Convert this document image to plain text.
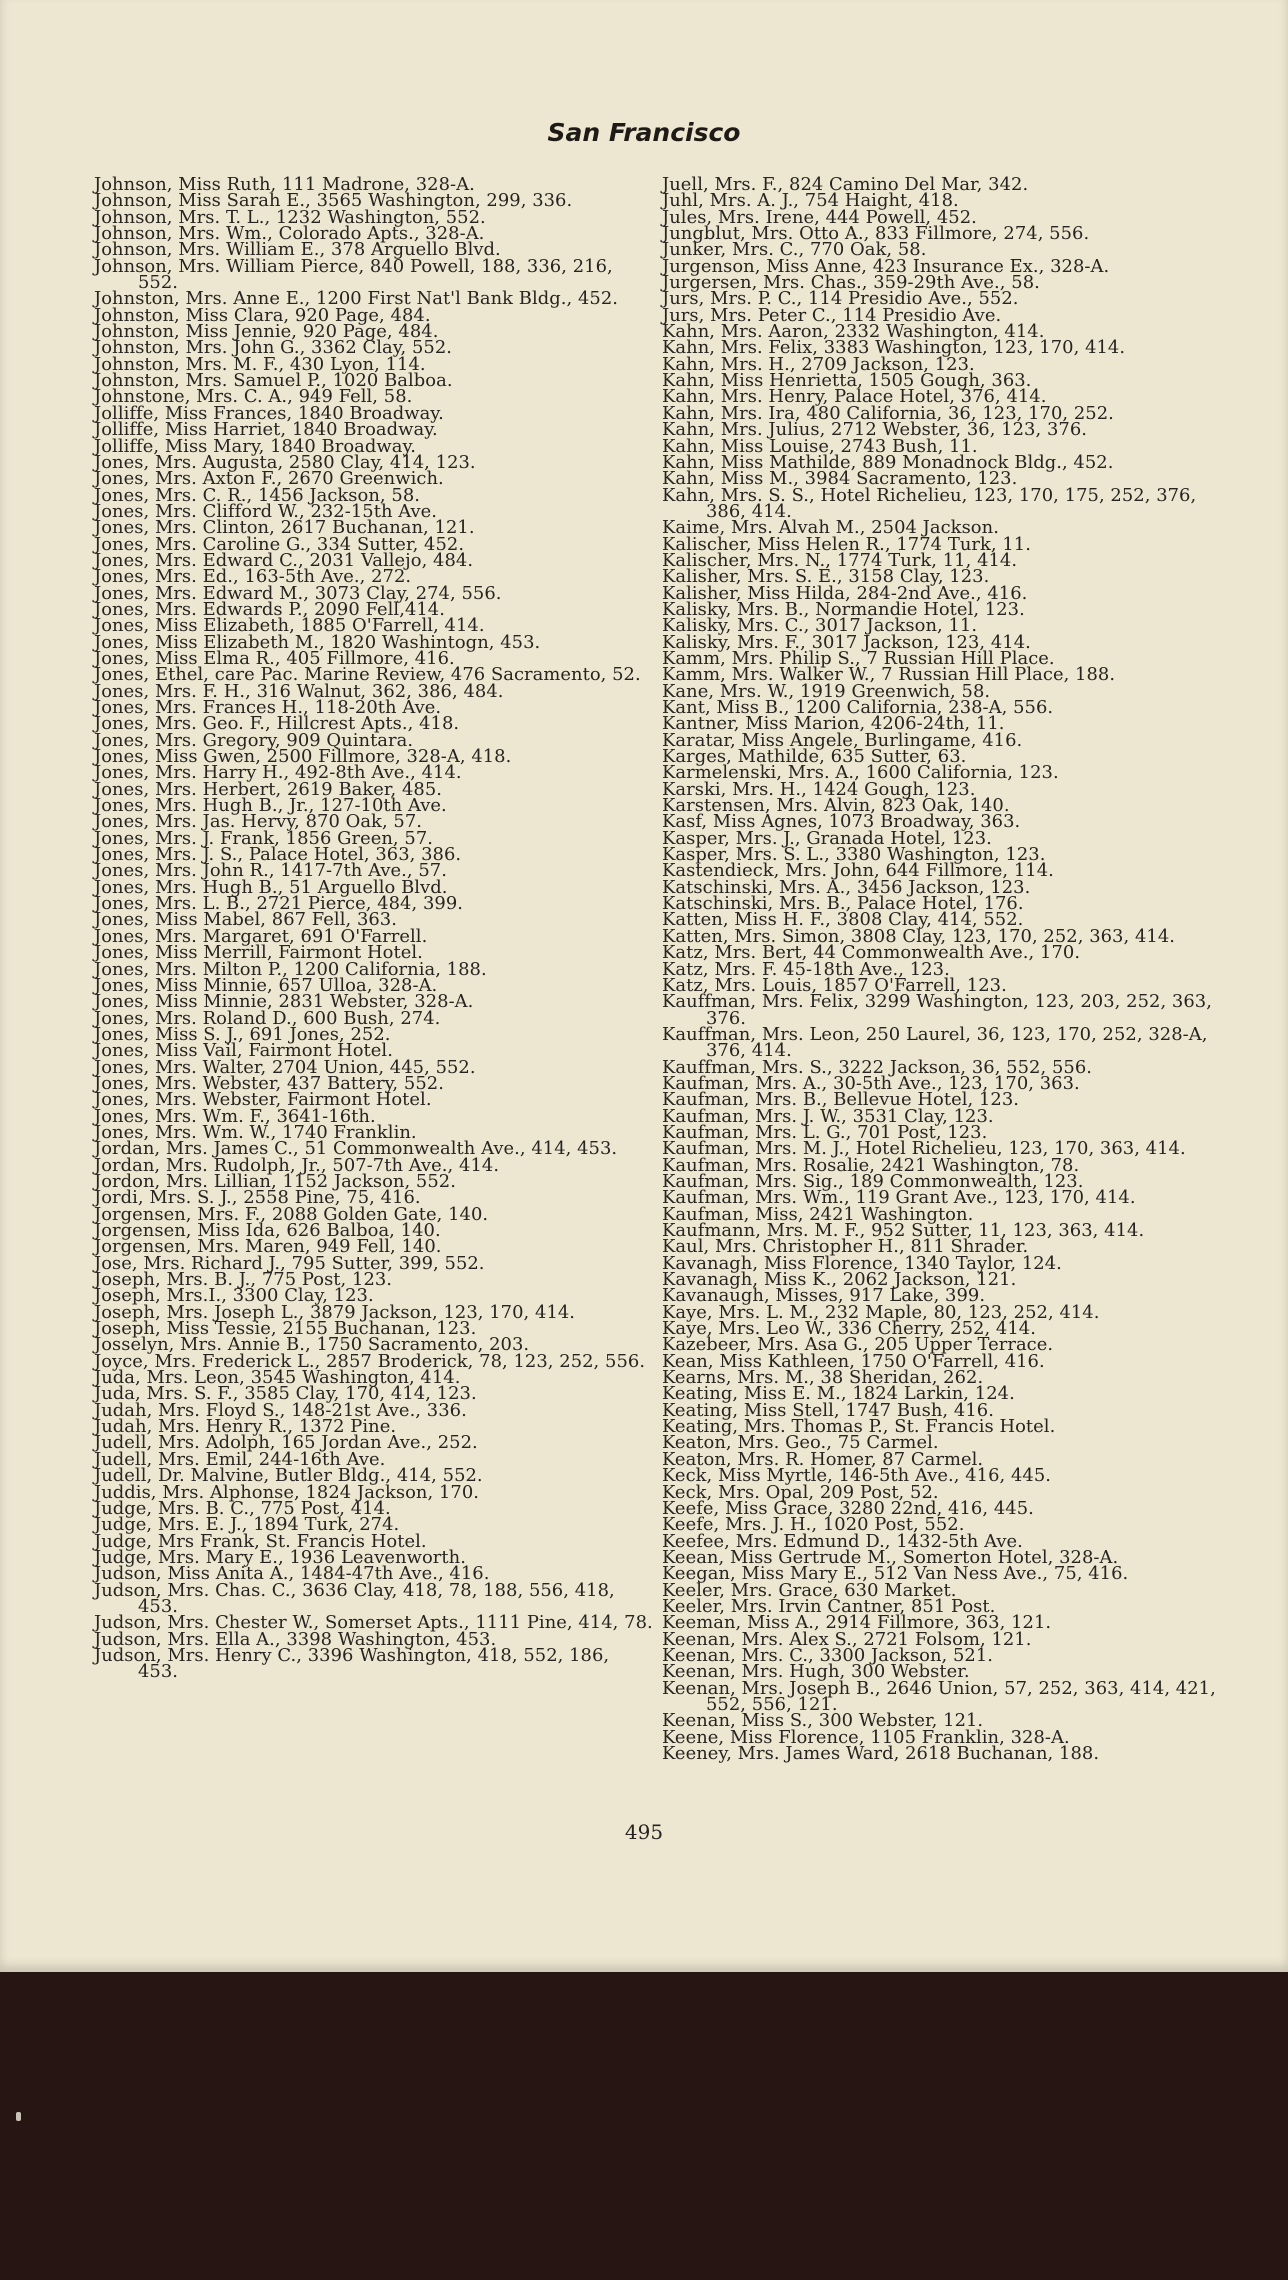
San Francisco
Johnson, Miss Ruth, 111 Madrone, 328-A.
Johnson, Miss Sarah E., 3565 Washington, 299, 336.
Johnson, Mrs. T. L., 1232 Washington, 552.
Johnson, Mrs. Wm., Colorado Apts., 328-A.
Johnson, Mrs. William E., 378 Arguello Blvd.
Johnson, Mrs. William Pierce, 840 Powell, 188, 336, 216, 552.
Johnston, Mrs. Anne E., 1200 First Nat'l Bank Bldg., 452.
Johnston, Miss Clara, 920 Page, 484.
Johnston, Miss Jennie, 920 Page, 484.
Johnston, Mrs. John G., 3362 Clay, 552.
Johnston, Mrs. M. F., 430 Lyon, 114.
Johnston, Mrs. Samuel P., 1020 Balboa.
Johnstone, Mrs. C. A., 949 Fell, 58.
Jolliffe, Miss Frances, 1840 Broadway.
Jolliffe, Miss Harriet, 1840 Broadway.
Jolliffe, Miss Mary, 1840 Broadway.
Jones, Mrs. Augusta, 2580 Clay, 414, 123.
Jones, Mrs. Axton F., 2670 Greenwich.
Jones, Mrs. C. R., 1456 Jackson, 58.
Jones, Mrs. Clifford W., 232-15th Ave.
Jones, Mrs. Clinton, 2617 Buchanan, 121.
Jones, Mrs. Caroline G., 334 Sutter, 452.
Jones, Mrs. Edward C., 2031 Vallejo, 484.
Jones, Mrs. Ed., 163-5th Ave., 272.
Jones, Mrs. Edward M., 3073 Clay, 274, 556.
Jones, Mrs. Edwards P., 2090 Fell,414.
Jones, Miss Elizabeth, 1885 O'Farrell, 414.
Jones, Miss Elizabeth M., 1820 Washintogn, 453.
Jones, Miss Elma R., 405 Fillmore, 416.
Jones, Ethel, care Pac. Marine Review, 476 Sacramento, 52.
Jones, Mrs. F. H., 316 Walnut, 362, 386, 484.
Jones, Mrs. Frances H., 118-20th Ave.
Jones, Mrs. Geo. F., Hillcrest Apts., 418.
Jones, Mrs. Gregory, 909 Quintara.
Jones, Miss Gwen, 2500 Fillmore, 328-A, 418.
Jones, Mrs. Harry H., 492-8th Ave., 414.
Jones, Mrs. Herbert, 2619 Baker, 485.
Jones, Mrs. Hugh B., Jr., 127-10th Ave.
Jones, Mrs. Jas. Hervy, 870 Oak, 57.
Jones, Mrs. J. Frank, 1856 Green, 57.
Jones, Mrs. J. S., Palace Hotel, 363, 386.
Jones, Mrs. John R., 1417-7th Ave., 57.
Jones, Mrs. Hugh B., 51 Arguello Blvd.
Jones, Mrs. L. B., 2721 Pierce, 484, 399.
Jones, Miss Mabel, 867 Fell, 363.
Jones, Mrs. Margaret, 691 O'Farrell.
Jones, Miss Merrill, Fairmont Hotel.
Jones, Mrs. Milton P., 1200 California, 188.
Jones, Miss Minnie, 657 Ulloa, 328-A.
Jones, Miss Minnie, 2831 Webster, 328-A.
Jones, Mrs. Roland D., 600 Bush, 274.
Jones, Miss S. J., 691 Jones, 252.
Jones, Miss Vail, Fairmont Hotel.
Jones, Mrs. Walter, 2704 Union, 445, 552.
Jones, Mrs. Webster, 437 Battery, 552.
Jones, Mrs. Webster, Fairmont Hotel.
Jones, Mrs. Wm. F., 3641-16th.
Jones, Mrs. Wm. W., 1740 Franklin.
Jordan, Mrs. James C., 51 Commonwealth Ave., 414, 453.
Jordan, Mrs. Rudolph, Jr., 507-7th Ave., 414.
Jordon, Mrs. Lillian, 1152 Jackson, 552.
Jordi, Mrs. S. J., 2558 Pine, 75, 416.
Jorgensen, Mrs. F., 2088 Golden Gate, 140.
Jorgensen, Miss Ida, 626 Balboa, 140.
Jorgensen, Mrs. Maren, 949 Fell, 140.
Jose, Mrs. Richard J., 795 Sutter, 399, 552.
Joseph, Mrs. B. J., 775 Post, 123.
Joseph, Mrs.I., 3300 Clay, 123.
Joseph, Mrs. Joseph L., 3879 Jackson, 123, 170, 414.
Joseph, Miss Tessie, 2155 Buchanan, 123.
Josselyn, Mrs. Annie B., 1750 Sacramento, 203.
Joyce, Mrs. Frederick L., 2857 Broderick, 78, 123, 252, 556.
Juda, Mrs. Leon, 3545 Washington, 414.
Juda, Mrs. S. F., 3585 Clay, 170, 414, 123.
Judah, Mrs. Floyd S., 148-21st Ave., 336.
Judah, Mrs. Henry R., 1372 Pine.
Judell, Mrs. Adolph, 165 Jordan Ave., 252.
Judell, Mrs. Emil, 244-16th Ave.
Judell, Dr. Malvine, Butler Bldg., 414, 552.
Juddis, Mrs. Alphonse, 1824 Jackson, 170.
Judge, Mrs. B. C., 775 Post, 414.
Judge, Mrs. E. J., 1894 Turk, 274.
Judge, Mrs Frank, St. Francis Hotel.
Judge, Mrs. Mary E., 1936 Leavenworth.
Judson, Miss Anita A., 1484-47th Ave., 416.
Judson, Mrs. Chas. C., 3636 Clay, 418, 78, 188, 556, 418, 453.
Judson, Mrs. Chester W., Somerset Apts., 1111 Pine, 414, 78.
Judson, Mrs. Ella A., 3398 Washington, 453.
Judson, Mrs. Henry C., 3396 Washington, 418, 552, 186, 453.
Juell, Mrs. F., 824 Camino Del Mar, 342.
Juhl, Mrs. A. J., 754 Haight, 418.
Jules, Mrs. Irene, 444 Powell, 452.
Jungblut, Mrs. Otto A., 833 Fillmore, 274, 556.
Junker, Mrs. C., 770 Oak, 58.
Jurgenson, Miss Anne, 423 Insurance Ex., 328-A.
Jurgersen, Mrs. Chas., 359-29th Ave., 58.
Jurs, Mrs. P. C., 114 Presidio Ave., 552.
Jurs, Mrs. Peter C., 114 Presidio Ave.
Kahn, Mrs. Aaron, 2332 Washington, 414.
Kahn, Mrs. Felix, 3383 Washington, 123, 170, 414.
Kahn, Mrs. H., 2709 Jackson, 123.
Kahn, Miss Henrietta, 1505 Gough, 363.
Kahn, Mrs. Henry, Palace Hotel, 376, 414.
Kahn, Mrs. Ira, 480 California, 36, 123, 170, 252.
Kahn, Mrs. Julius, 2712 Webster, 36, 123, 376.
Kahn, Miss Louise, 2743 Bush, 11.
Kahn, Miss Mathilde, 889 Monadnock Bldg., 452.
Kahn, Miss M., 3984 Sacramento, 123.
Kahn, Mrs. S. S., Hotel Richelieu, 123, 170, 175, 252, 376, 386, 414.
Kaime, Mrs. Alvah M., 2504 Jackson.
Kalischer, Miss Helen R., 1774 Turk, 11.
Kalischer, Mrs. N., 1774 Turk, 11, 414.
Kalisher, Mrs. S. E., 3158 Clay, 123.
Kalisher, Miss Hilda, 284-2nd Ave., 416.
Kalisky, Mrs. B., Normandie Hotel, 123.
Kalisky, Mrs. C., 3017 Jackson, 11.
Kalisky, Mrs. F., 3017 Jackson, 123, 414.
Kamm, Mrs. Philip S., 7 Russian Hill Place.
Kamm, Mrs. Walker W., 7 Russian Hill Place, 188.
Kane, Mrs. W., 1919 Greenwich, 58.
Kant, Miss B., 1200 California, 238-A, 556.
Kantner, Miss Marion, 4206-24th, 11.
Karatar, Miss Angele, Burlingame, 416.
Karges, Mathilde, 635 Sutter, 63.
Karmelenski, Mrs. A., 1600 California, 123.
Karski, Mrs. H., 1424 Gough, 123.
Karstensen, Mrs. Alvin, 823 Oak, 140.
Kasf, Miss Agnes, 1073 Broadway, 363.
Kasper, Mrs. J., Granada Hotel, 123.
Kasper, Mrs. S. L., 3380 Washington, 123.
Kastendieck, Mrs. John, 644 Fillmore, 114.
Katschinski, Mrs. A., 3456 Jackson, 123.
Katschinski, Mrs. B., Palace Hotel, 176.
Katten, Miss H. F., 3808 Clay, 414, 552.
Katten, Mrs. Simon, 3808 Clay, 123, 170, 252, 363, 414.
Katz, Mrs. Bert, 44 Commonwealth Ave., 170.
Katz, Mrs. F. 45-18th Ave., 123.
Katz, Mrs. Louis, 1857 O'Farrell, 123.
Kauffman, Mrs. Felix, 3299 Washington, 123, 203, 252, 363, 376.
Kauffman, Mrs. Leon, 250 Laurel, 36, 123, 170, 252, 328-A, 376, 414.
Kauffman, Mrs. S., 3222 Jackson, 36, 552, 556.
Kaufman, Mrs. A., 30-5th Ave., 123, 170, 363.
Kaufman, Mrs. B., Bellevue Hotel, 123.
Kaufman, Mrs. J. W., 3531 Clay, 123.
Kaufman, Mrs. L. G., 701 Post, 123.
Kaufman, Mrs. M. J., Hotel Richelieu, 123, 170, 363, 414.
Kaufman, Mrs. Rosalie, 2421 Washington, 78.
Kaufman, Mrs. Sig., 189 Commonwealth, 123.
Kaufman, Mrs. Wm., 119 Grant Ave., 123, 170, 414.
Kaufman, Miss, 2421 Washington.
Kaufmann, Mrs. M. F., 952 Sutter, 11, 123, 363, 414.
Kaul, Mrs. Christopher H., 811 Shrader.
Kavanagh, Miss Florence, 1340 Taylor, 124.
Kavanagh, Miss K., 2062 Jackson, 121.
Kavanaugh, Misses, 917 Lake, 399.
Kaye, Mrs. L. M., 232 Maple, 80, 123, 252, 414.
Kaye, Mrs. Leo W., 336 Cherry, 252, 414.
Kazebeer, Mrs. Asa G., 205 Upper Terrace.
Kean, Miss Kathleen, 1750 O'Farrell, 416.
Kearns, Mrs. M., 38 Sheridan, 262.
Keating, Miss E. M., 1824 Larkin, 124.
Keating, Miss Stell, 1747 Bush, 416.
Keating, Mrs. Thomas P., St. Francis Hotel.
Keaton, Mrs. Geo., 75 Carmel.
Keaton, Mrs. R. Homer, 87 Carmel.
Keck, Miss Myrtle, 146-5th Ave., 416, 445.
Keck, Mrs. Opal, 209 Post, 52.
Keefe, Miss Grace, 3280 22nd, 416, 445.
Keefe, Mrs. J. H., 1020 Post, 552.
Keefee, Mrs. Edmund D., 1432-5th Ave.
Keean, Miss Gertrude M., Somerton Hotel, 328-A.
Keegan, Miss Mary E., 512 Van Ness Ave., 75, 416.
Keeler, Mrs. Grace, 630 Market.
Keeler, Mrs. Irvin Cantner, 851 Post.
Keeman, Miss A., 2914 Fillmore, 363, 121.
Keenan, Mrs. Alex S., 2721 Folsom, 121.
Keenan, Mrs. C., 3300 Jackson, 521.
Keenan, Mrs. Hugh, 300 Webster.
Keenan, Mrs. Joseph B., 2646 Union, 57, 252, 363, 414, 421, 552, 556, 121.
Keenan, Miss S., 300 Webster, 121.
Keene, Miss Florence, 1105 Franklin, 328-A.
Keeney, Mrs. James Ward, 2618 Buchanan, 188.
495
